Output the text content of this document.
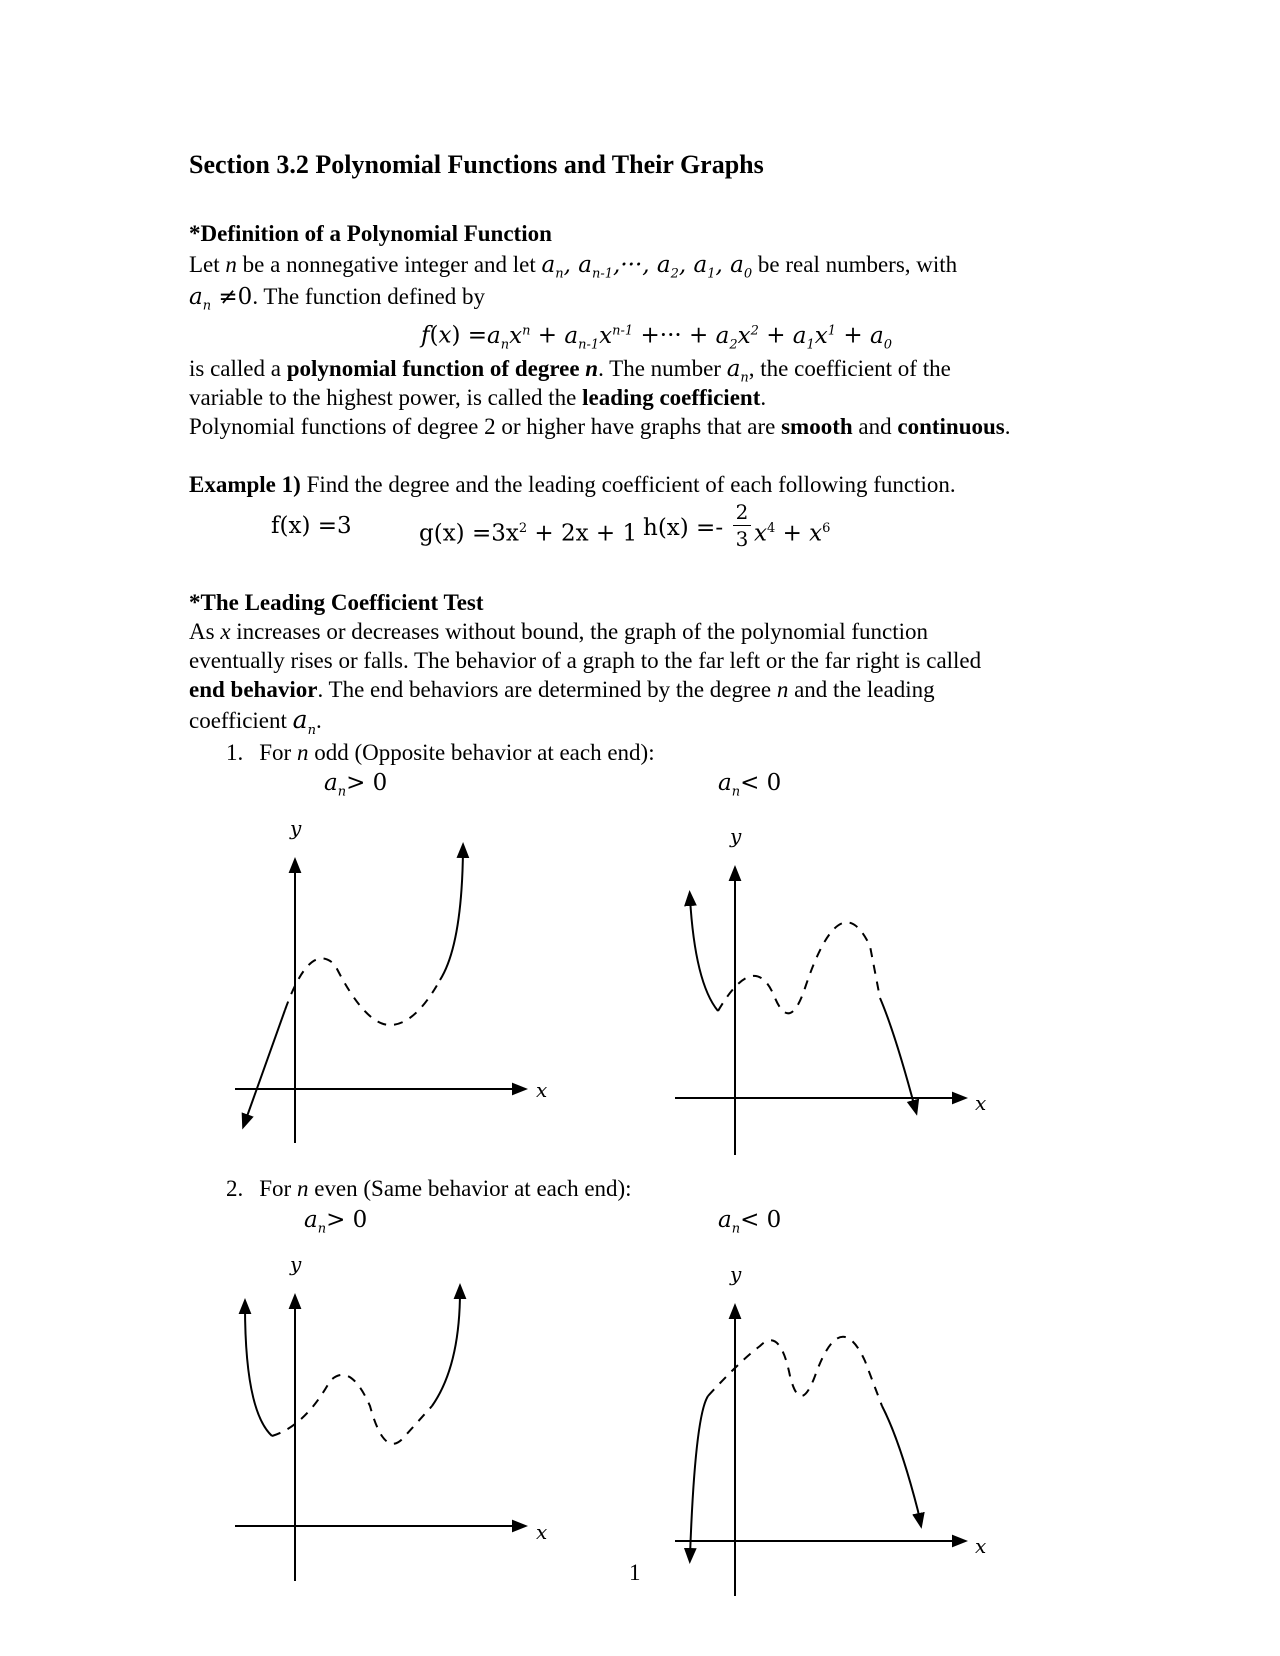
Section 3.2 Polynomial Functions and Their Graphs
*Definition of a Polynomial Function
Let n be a nonnegative integer and let $a_n$, $a_{n-1},\cdot\cdot\cdot$, $a_2$, $a_1$, $a_0$ be real numbers, with
$a_n \ne 0$. The function defined by
$f(x) =a_nx^n + a_{n-1}x^{n-1}$ +··· + $a_2x^2 + a_1x^1 + a_0$
is called a polynomial function of degree n. The number $a_n$, the coefficient of the
variable to the highest power, is called the leading coefficient.
Polynomial functions of degree 2 or higher have graphs that are smooth and continuous.
Example 1) Find the degree and the leading coefficient of each following function.
f(x) =3	$g(x) =3x^2 + 2x + 1$ h(x) =-
2
3 $x^4 + x^6$
*The Leading Coefficient Test
As x increases or decreases without bound, the graph of the polynomial function
eventually rises or falls. The behavior of a graph to the far left or the far right is called
end behavior. The end behaviors are determined by the degree n and the leading
coefficient $a_n$.
1. For n odd (Opposite behavior at each end):
$a_n> 0$	$a_n< 0$
y
x
y
x
2. For n even (Same behavior at each end):
$a_n> 0$	$a_n< 0$
y
x
y
x
1
